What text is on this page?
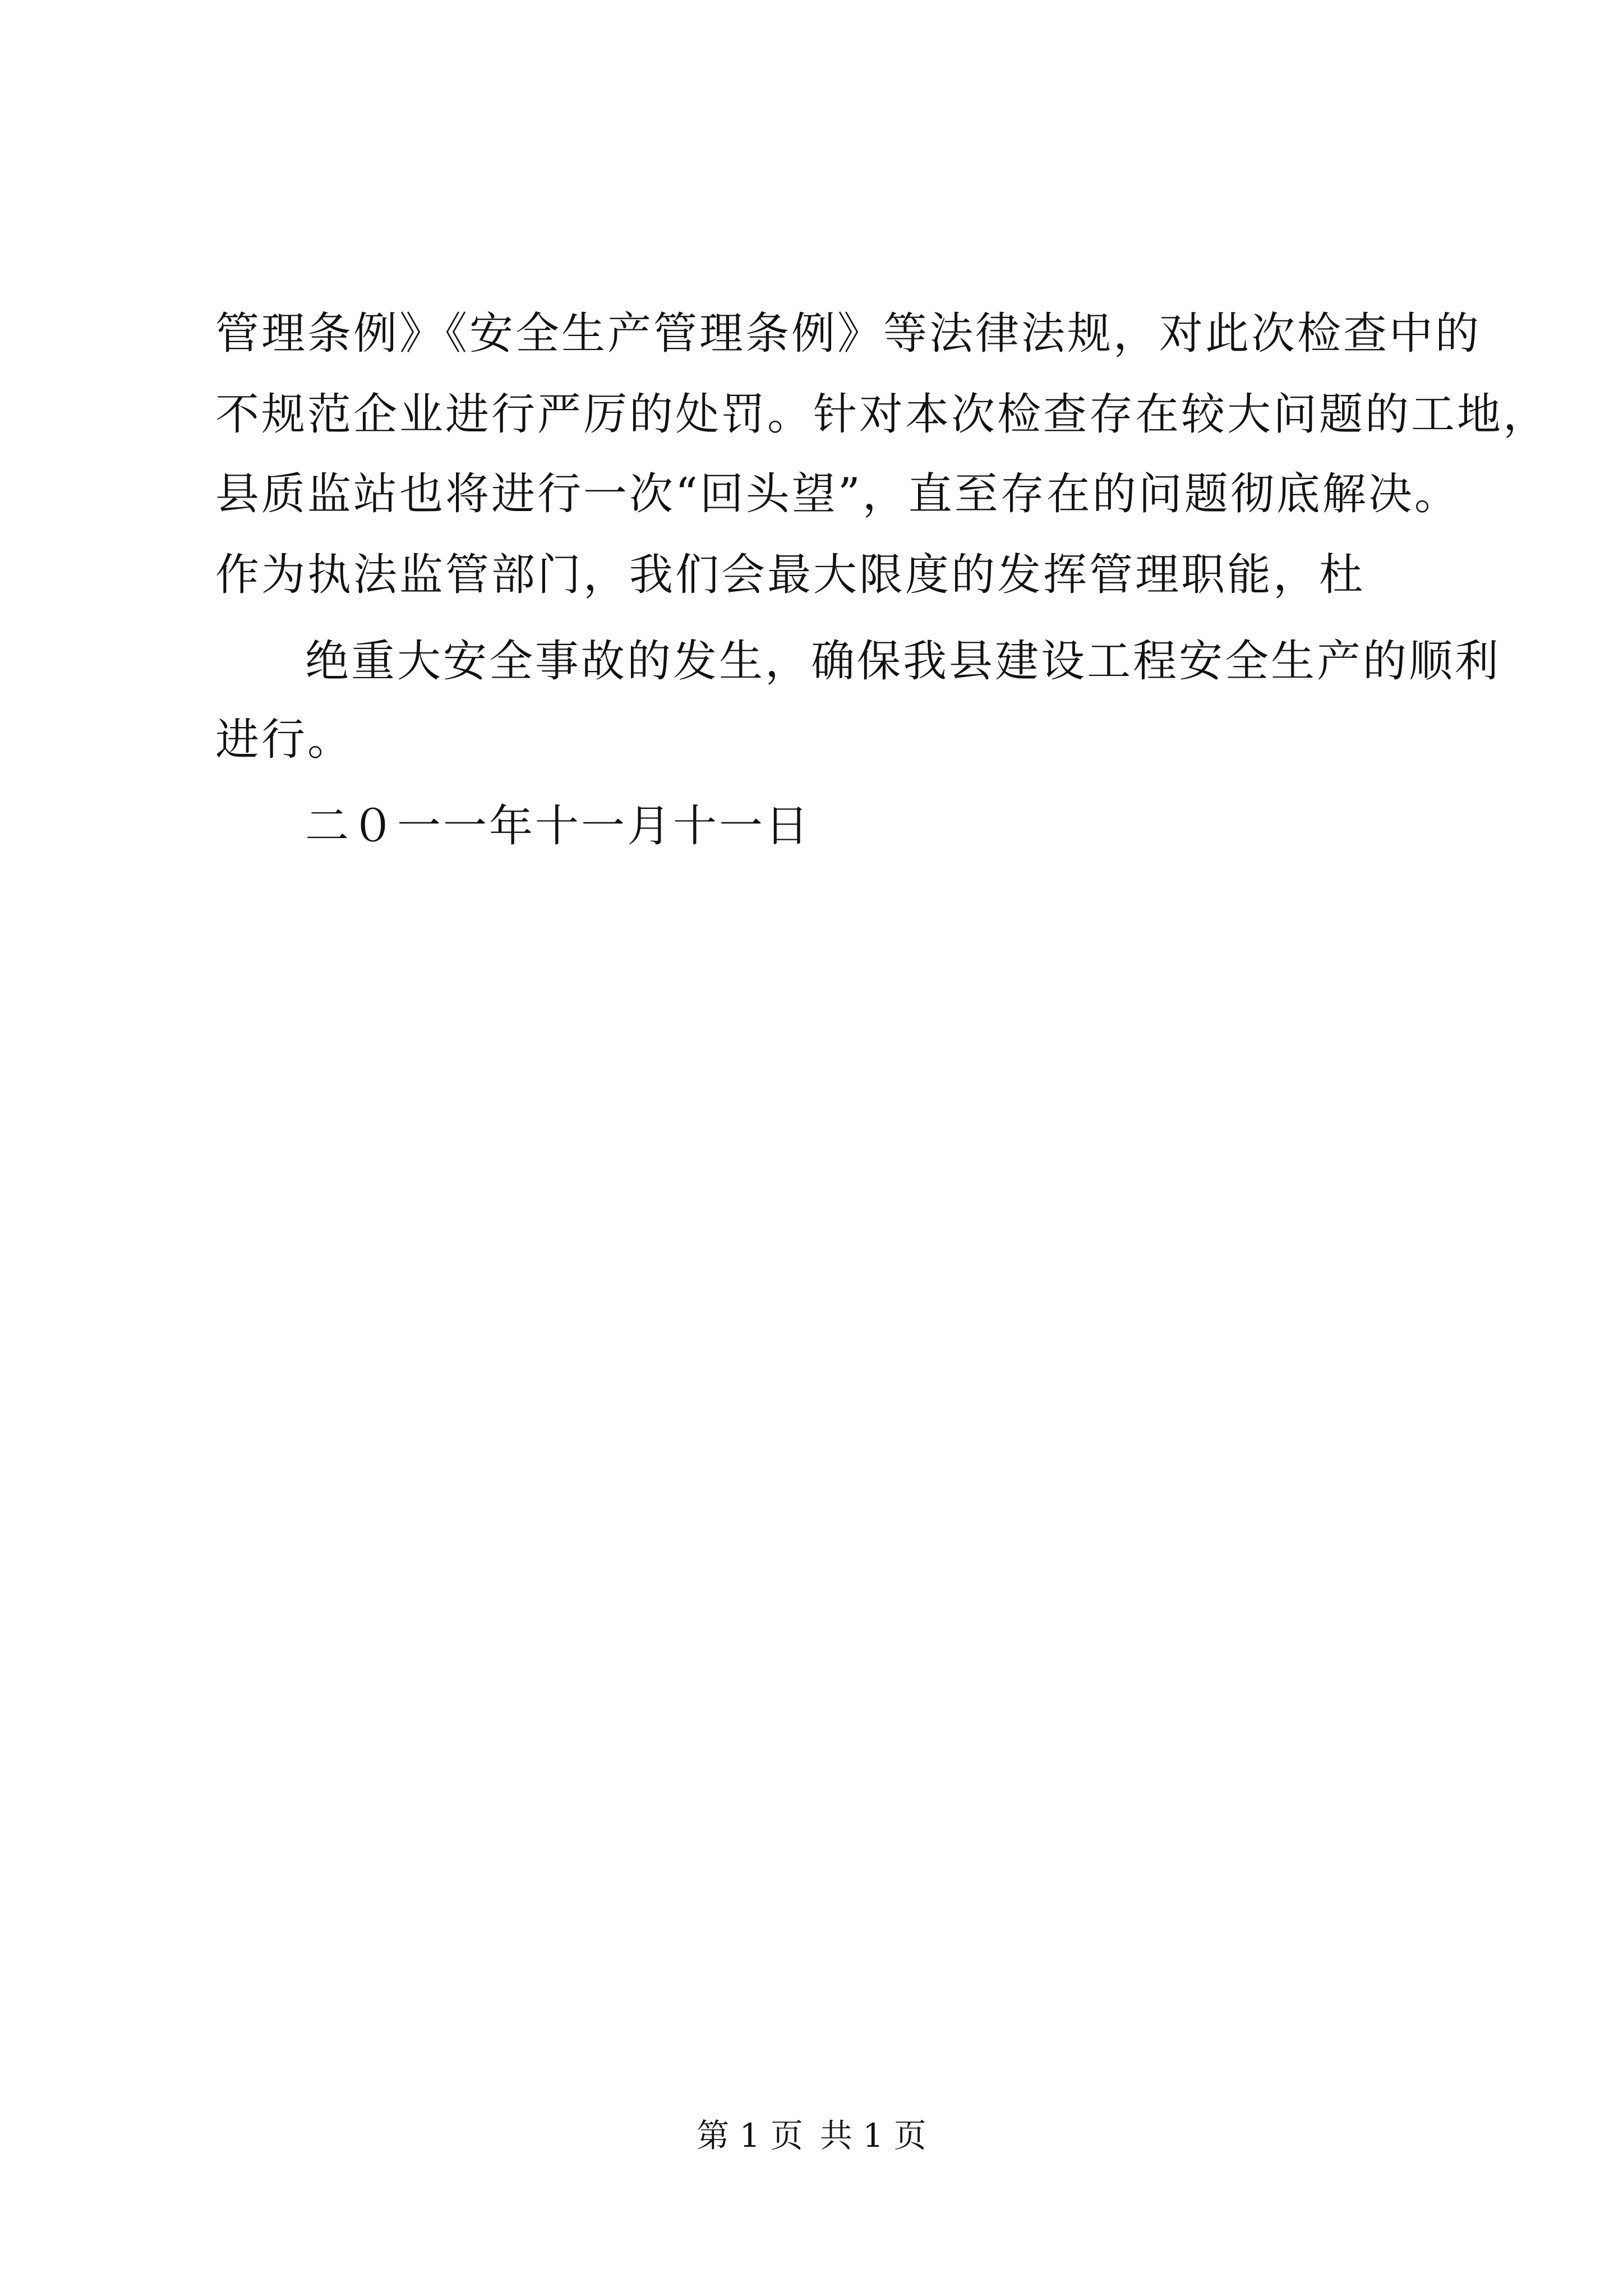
管理条例》《安全生产管理条例》等法律法规，对此次检查中的
不规范企业进行严厉的处罚。针对本次检查存在较大问题的工地，
县质监站也将进行一次“回头望”，直至存在的问题彻底解决。
作为执法监管部门，我们会最大限度的发挥管理职能，杜
绝重大安全事故的发生，确保我县建设工程安全生产的顺利
进行。
二０一一年十一月十一日
第 1 页 共 1 页
